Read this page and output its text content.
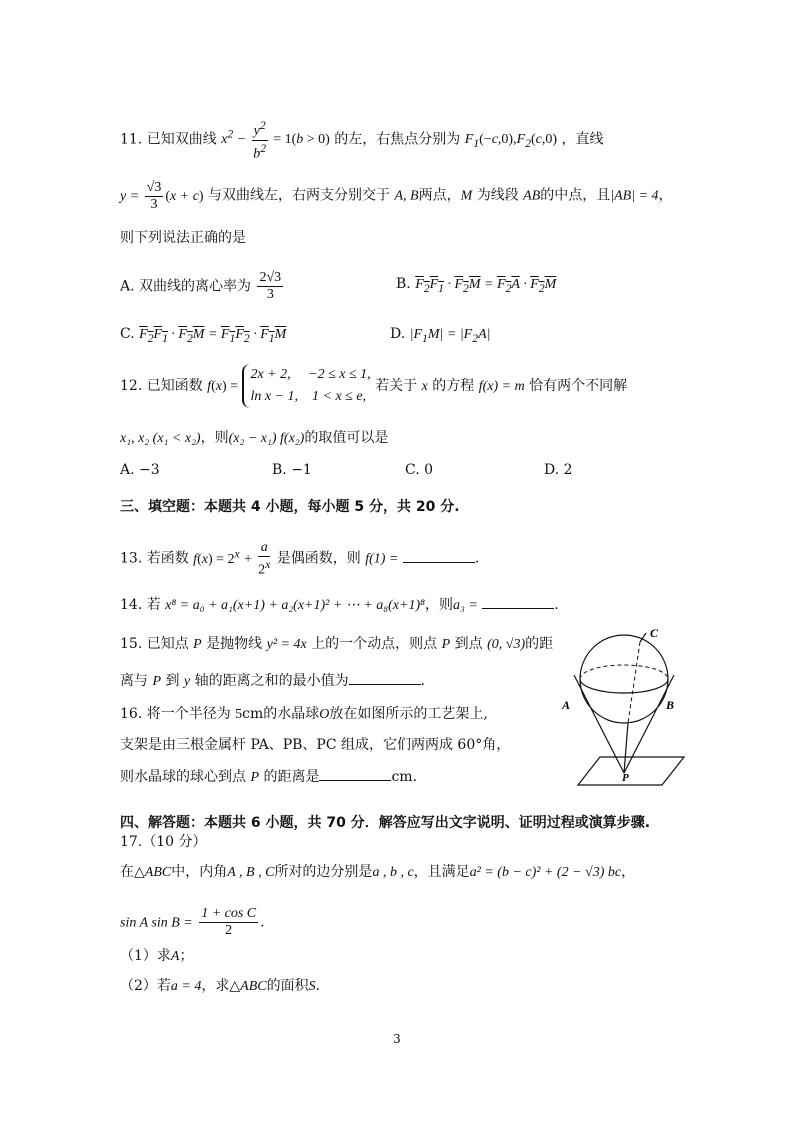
11. 已知双曲线 $x^2 - \frac{y^2}{b^2} = 1(b > 0)$ 的左，右焦点分别为 $F_1(-c,0),F_2(c,0)$ ，直线
$y = \frac{√3}{3} (x + c)$ 与双曲线左，右两支分别交于 A, B两点，M 为线段 AB的中点，且|AB| = 4，
则下列说法正确的是
A. 双曲线的离心率为 $\frac{2√3}{3}$	B. $F_2F_1 \cdot F_2M = F_2A \cdot F_2M$
C. $F_2F_1 \cdot F_2M = F_1F_2 \cdot F_1M$	D. $|F_1M| = |F_2A|$
12. 已知函数 f(x) =
2x + 2,　 −2 ≤ x ≤ 1,
ln x − 1,　1 < x ≤ e,
若关于 x 的方程 f(x) = m 恰有两个不同解
x₁, x₂ (x₁ < x₂)，则(x₂ − x₁) f(x₂)的取值可以是
A. −3	B. −1	C. 0	D. 2
三、填空题：本题共 4 小题，每小题 5 分，共 20 分.
13. 若函数 $f(x) = 2^x + \frac{a}{2^x}$ 是偶函数，则 f(1) =	.
14. 若 x⁸ = a₀ + a₁(x+1) + a₂(x+1)² + ⋯ + a₈(x+1)⁸，则a₃ =	.
15. 已知点 P 是抛物线 y² = 4x 上的一个动点，则点 P 到点 (0, √3)的距
离与 P 到 y 轴的距离之和的最小值为	.
16. 将一个半径为 5cm的水晶球O放在如图所示的工艺架上,
支架是由三根金属杆 PA、PB、PC 组成，它们两两成 60°角，
则水晶球的球心到点 P 的距离是	cm.
C
A	B
P
四、解答题：本题共 6 小题，共 70 分．解答应写出文字说明、证明过程或演算步骤.
17.（10 分）
在△ABC中，内角A , B , C所对的边分别是a , b , c，且满足a² = (b − c)² + (2 − √3) bc，
sin A $\sin B = \frac{\text{1 + cos C}}{2}$ .
（1）求A；
（2）若a = 4，求△ABC的面积S.
3
